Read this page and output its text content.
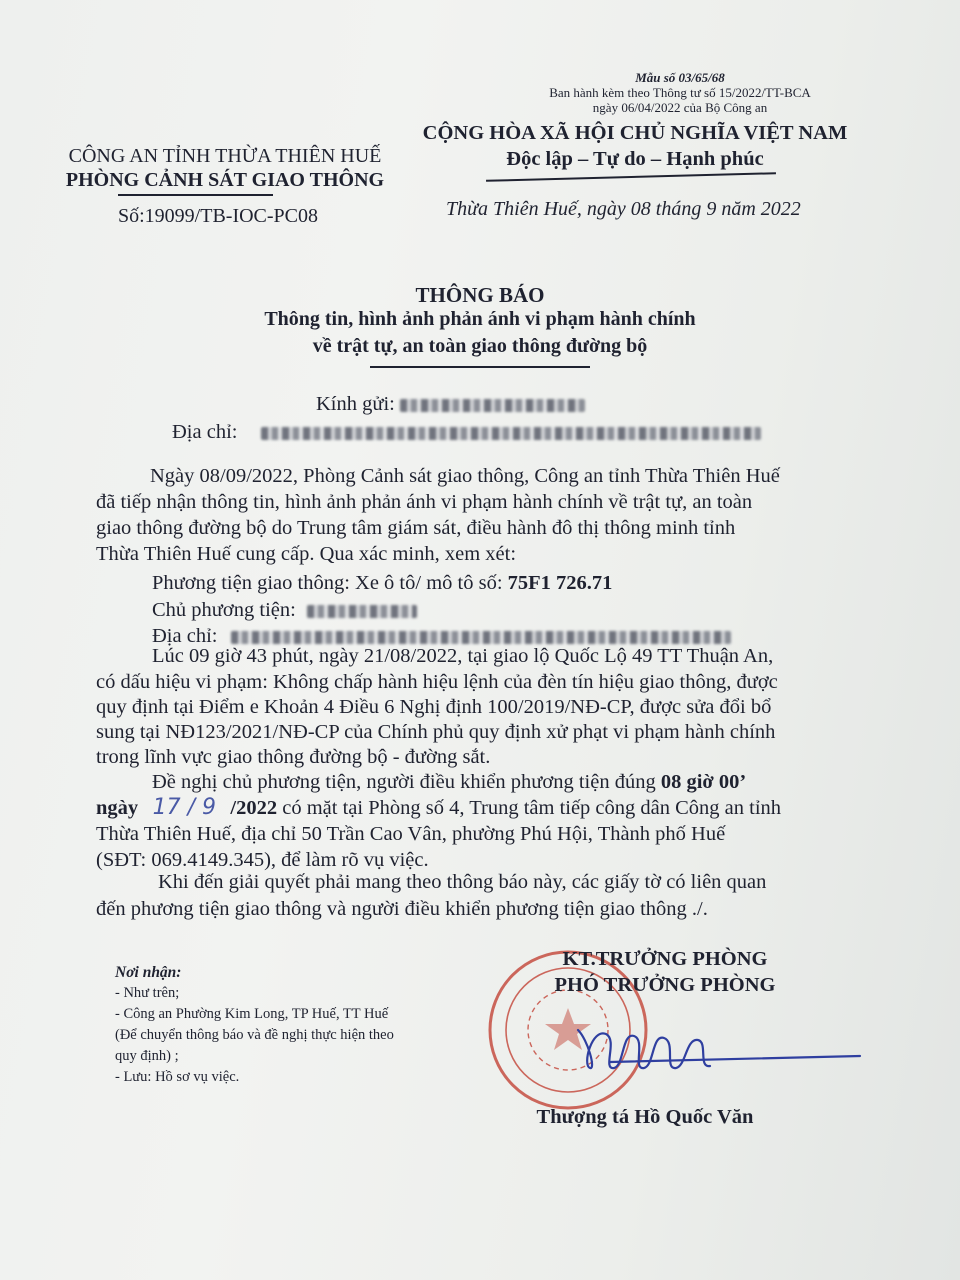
Mẫu số 03/65/68
Ban hành kèm theo Thông tư số 15/2022/TT-BCA
ngày 06/04/2022 của Bộ Công an
CÔNG AN TỈNH THỪA THIÊN HUẾ
PHÒNG CẢNH SÁT GIAO THÔNG
CỘNG HÒA XÃ HỘI CHỦ NGHĨA VIỆT NAM
Độc lập – Tự do – Hạnh phúc
Số:19099/TB-IOC-PC08	Thừa Thiên Huế, ngày 08 tháng 9 năm 2022
THÔNG BÁO
Thông tin, hình ảnh phản ánh vi phạm hành chính
về trật tự, an toàn giao thông đường bộ
Kính gửi:
Địa chỉ:
Ngày 08/09/2022, Phòng Cảnh sát giao thông, Công an tỉnh Thừa Thiên Huế
đã tiếp nhận thông tin, hình ảnh phản ánh vi phạm hành chính về trật tự, an toàn
giao thông đường bộ do Trung tâm giám sát, điều hành đô thị thông minh tỉnh
Thừa Thiên Huế cung cấp. Qua xác minh, xem xét:
Phương tiện giao thông: Xe ô tô/ mô tô số: 75F1 726.71
Chủ phương tiện:
Địa chỉ:
Lúc 09 giờ 43 phút, ngày 21/08/2022, tại giao lộ Quốc Lộ 49 TT Thuận An,
có dấu hiệu vi phạm: Không chấp hành hiệu lệnh của đèn tín hiệu giao thông, được
quy định tại Điểm e Khoản 4 Điều 6 Nghị định 100/2019/NĐ-CP, được sửa đổi bổ
sung tại NĐ123/2021/NĐ-CP của Chính phủ quy định xử phạt vi phạm hành chính
trong lĩnh vực giao thông đường bộ - đường sắt.
Đề nghị chủ phương tiện, người điều khiển phương tiện đúng 08 giờ 00’
ngày 17 / 9 /2022 có mặt tại Phòng số 4, Trung tâm tiếp công dân Công an tỉnh
Thừa Thiên Huế, địa chỉ 50 Trần Cao Vân, phường Phú Hội, Thành phố Huế
(SĐT: 069.4149.345), để làm rõ vụ việc.
Khi đến giải quyết phải mang theo thông báo này, các giấy tờ có liên quan
đến phương tiện giao thông và người điều khiển phương tiện giao thông ./.
Nơi nhận:
- Như trên;
- Công an Phường Kim Long, TP Huế, TT Huế
(Để chuyển thông báo và đề nghị thực hiện theo
quy định) ;
- Lưu: Hồ sơ vụ việc.
KT.TRƯỞNG PHÒNG
PHÓ TRƯỞNG PHÒNG
Thượng tá Hồ Quốc Văn
